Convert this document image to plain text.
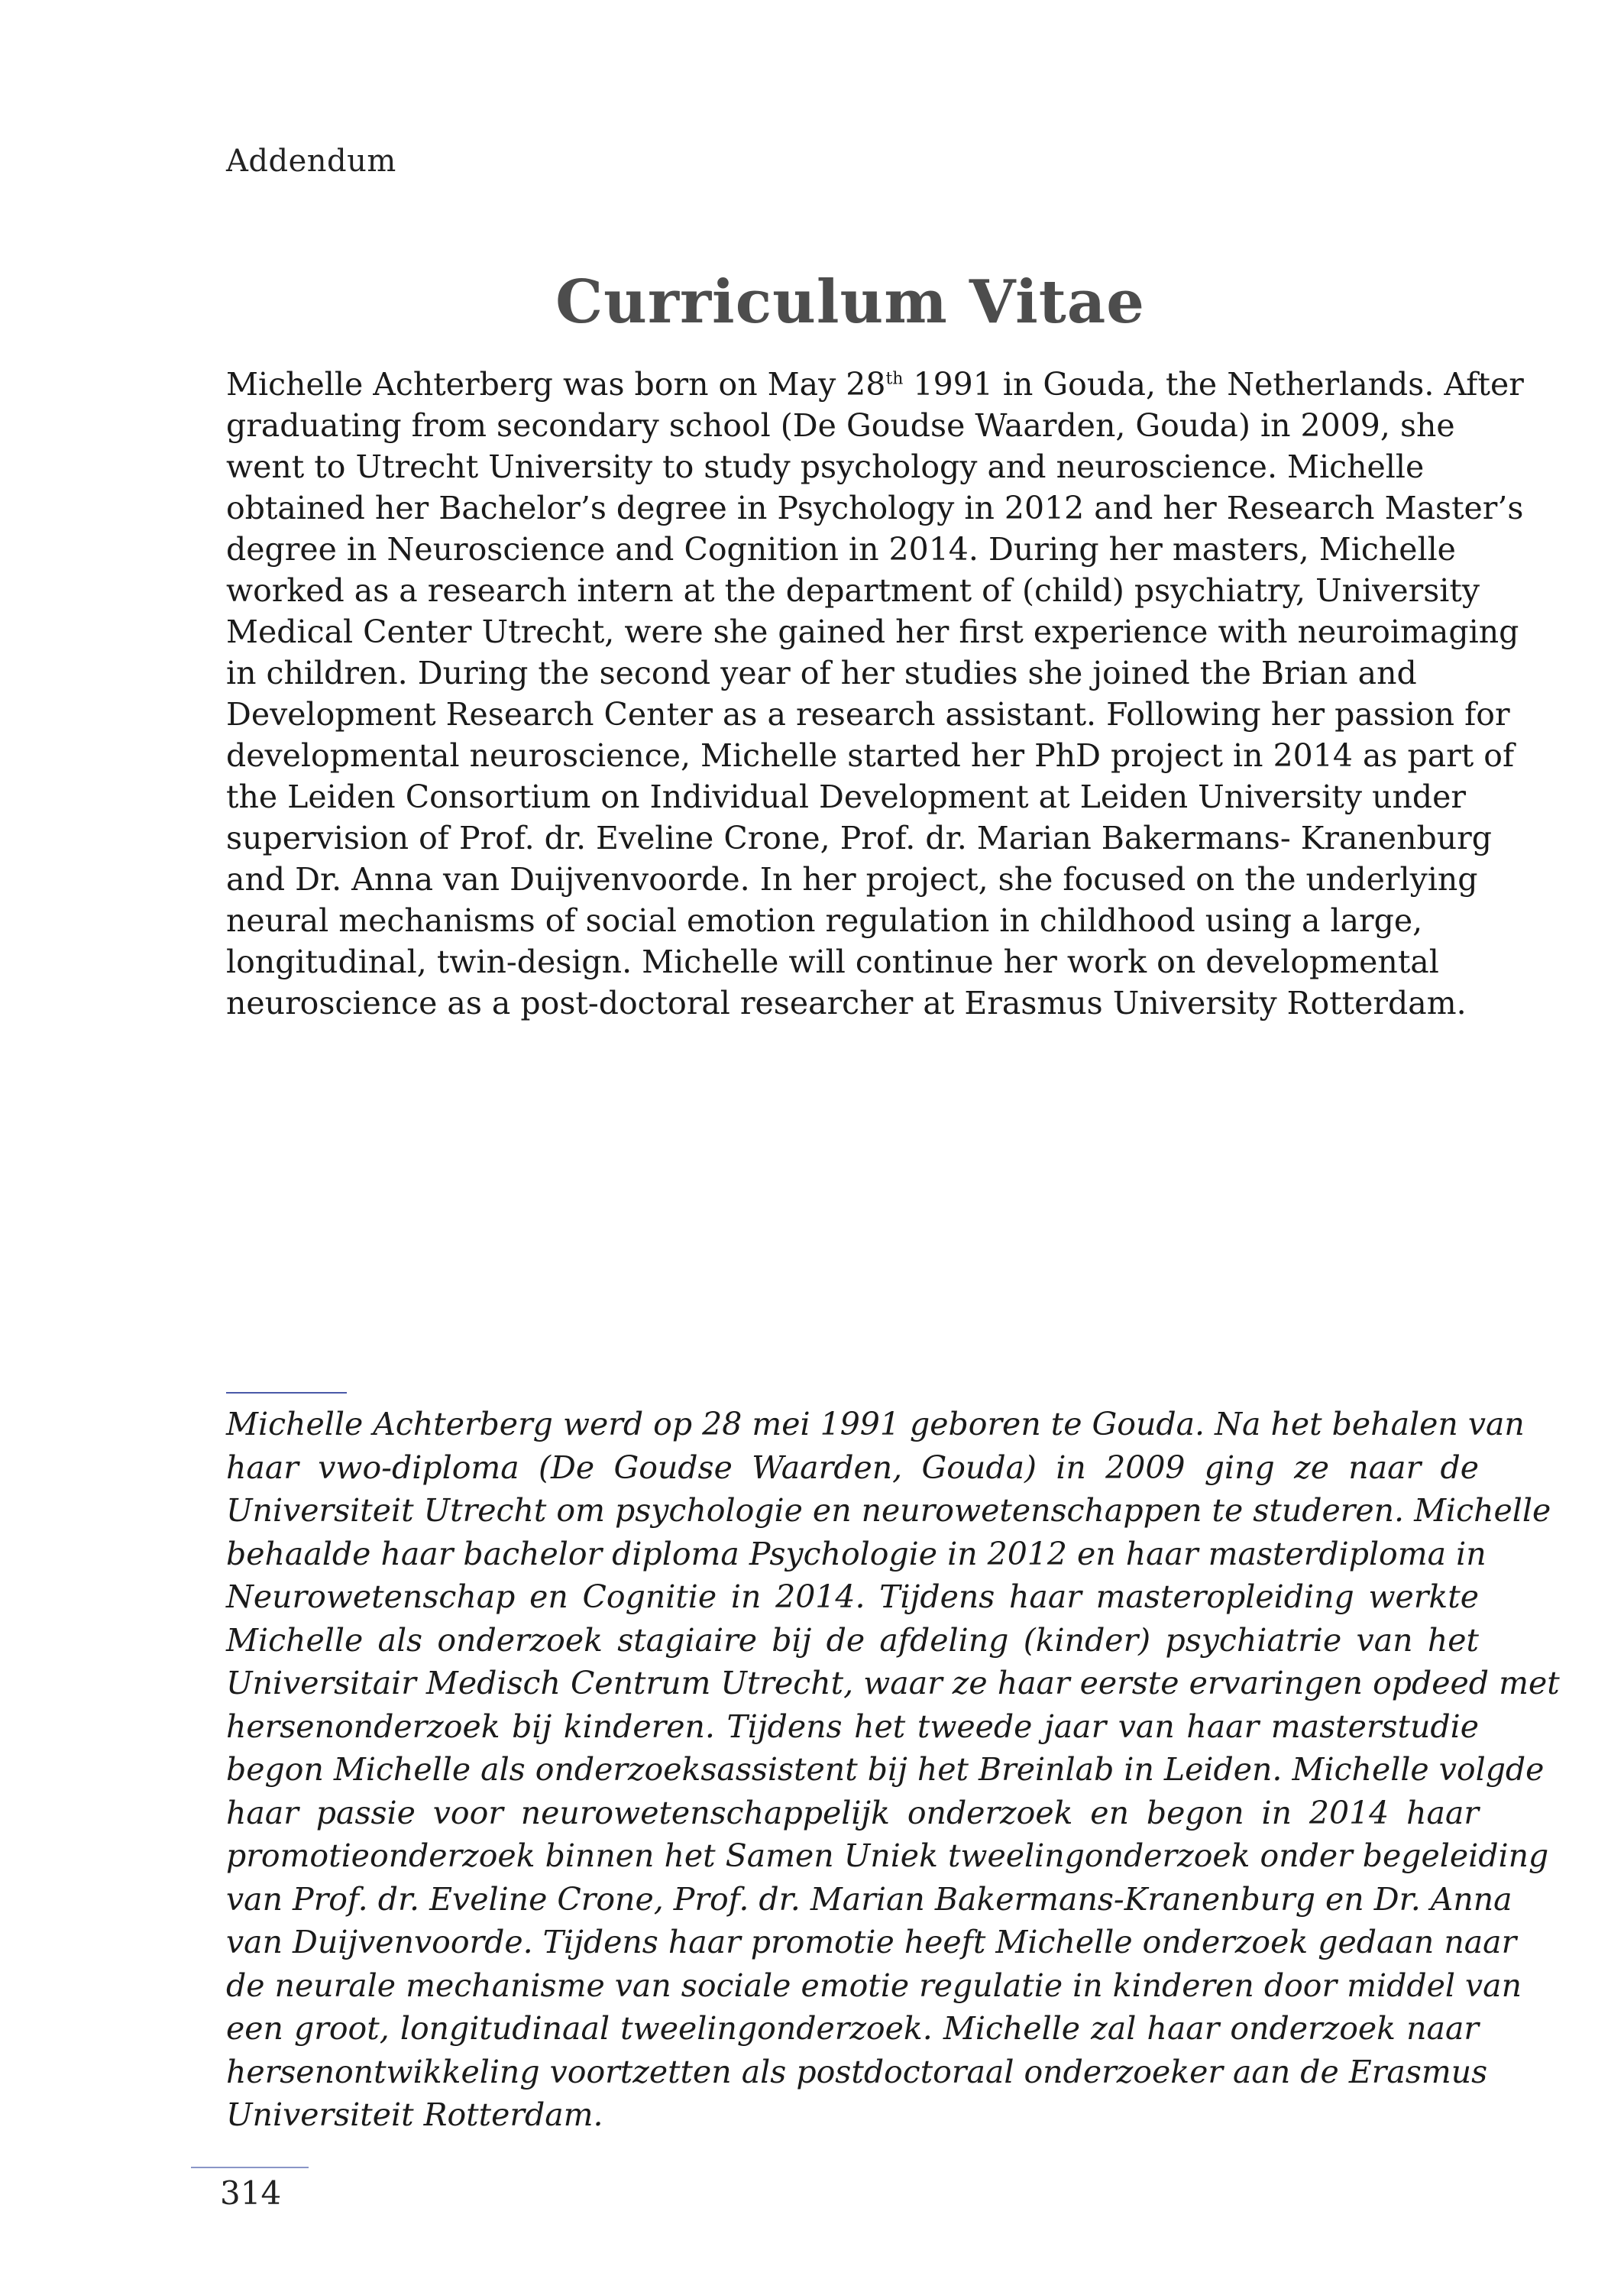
Addendum
Curriculum Vitae
Michelle Achterberg was born on May 28th 1991 in Gouda, the Netherlands. After
graduating from secondary school (De Goudse Waarden, Gouda) in 2009, she
went to Utrecht University to study psychology and neuroscience. Michelle
obtained her Bachelor’s degree in Psychology in 2012 and her Research Master’s
degree in Neuroscience and Cognition in 2014. During her masters, Michelle
worked as a research intern at the department of (child) psychiatry, University
Medical Center Utrecht, were she gained her first experience with neuroimaging
in children. During the second year of her studies she joined the Brian and
Development Research Center as a research assistant. Following her passion for
developmental neuroscience, Michelle started her PhD project in 2014 as part of
the Leiden Consortium on Individual Development at Leiden University under
supervision of Prof. dr. Eveline Crone, Prof. dr. Marian Bakermans- Kranenburg
and Dr. Anna van Duijvenvoorde. In her project, she focused on the underlying
neural mechanisms of social emotion regulation in childhood using a large,
longitudinal, twin-design. Michelle will continue her work on developmental
neuroscience as a post-doctoral researcher at Erasmus University Rotterdam.
Michelle Achterberg werd op 28 mei 1991 geboren te Gouda. Na het behalen van
haar vwo-diploma (De Goudse Waarden, Gouda) in 2009 ging ze naar de
Universiteit Utrecht om psychologie en neurowetenschappen te studeren. Michelle
behaalde haar bachelor diploma Psychologie in 2012 en haar masterdiploma in
Neurowetenschap en Cognitie in 2014. Tijdens haar masteropleiding werkte
Michelle als onderzoek stagiaire bij de afdeling (kinder) psychiatrie van het
Universitair Medisch Centrum Utrecht, waar ze haar eerste ervaringen opdeed met
hersenonderzoek bij kinderen. Tijdens het tweede jaar van haar masterstudie
begon Michelle als onderzoeksassistent bij het Breinlab in Leiden. Michelle volgde
haar passie voor neurowetenschappelijk onderzoek en begon in 2014 haar
promotieonderzoek binnen het Samen Uniek tweelingonderzoek onder begeleiding
van Prof. dr. Eveline Crone, Prof. dr. Marian Bakermans-Kranenburg en Dr. Anna
van Duijvenvoorde. Tijdens haar promotie heeft Michelle onderzoek gedaan naar
de neurale mechanisme van sociale emotie regulatie in kinderen door middel van
een groot, longitudinaal tweelingonderzoek. Michelle zal haar onderzoek naar
hersenontwikkeling voortzetten als postdoctoraal onderzoeker aan de Erasmus
Universiteit Rotterdam.
314
